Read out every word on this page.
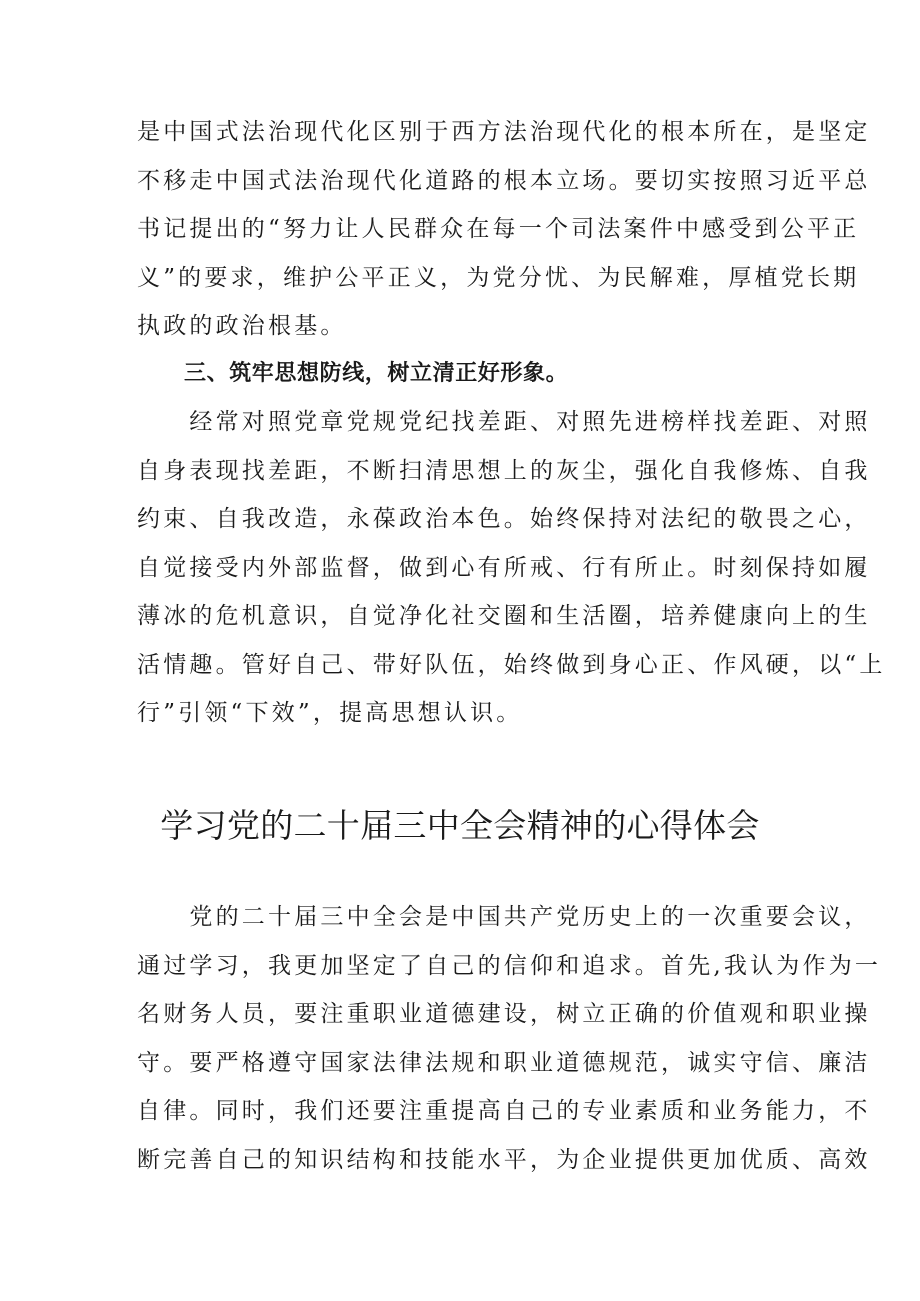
是中国式法治现代化区别于西方法治现代化的根本所在，是坚定
不移走中国式法治现代化道路的根本立场。要切实按照习近平总
书记提出的“努力让人民群众在每一个司法案件中感受到公平正
义”的要求，维护公平正义，为党分忧、为民解难，厚植党长期
执政的政治根基。
三、筑牢思想防线，树立清正好形象。
　　经常对照党章党规党纪找差距、对照先进榜样找差距、对照
自身表现找差距，不断扫清思想上的灰尘，强化自我修炼、自我
约束、自我改造，永葆政治本色。始终保持对法纪的敬畏之心，
自觉接受内外部监督，做到心有所戒、行有所止。时刻保持如履
薄冰的危机意识，自觉净化社交圈和生活圈，培养健康向上的生
活情趣。管好自己、带好队伍，始终做到身心正、作风硬，以“上
行”引领“下效”，提高思想认识。
学习党的二十届三中全会精神的心得体会
　　党的二十届三中全会是中国共产党历史上的一次重要会议，
通过学习，我更加坚定了自己的信仰和追求。首先,我认为作为一
名财务人员，要注重职业道德建设，树立正确的价值观和职业操
守。要严格遵守国家法律法规和职业道德规范，诚实守信、廉洁
自律。同时，我们还要注重提高自己的专业素质和业务能力，不
断完善自己的知识结构和技能水平，为企业提供更加优质、高效
